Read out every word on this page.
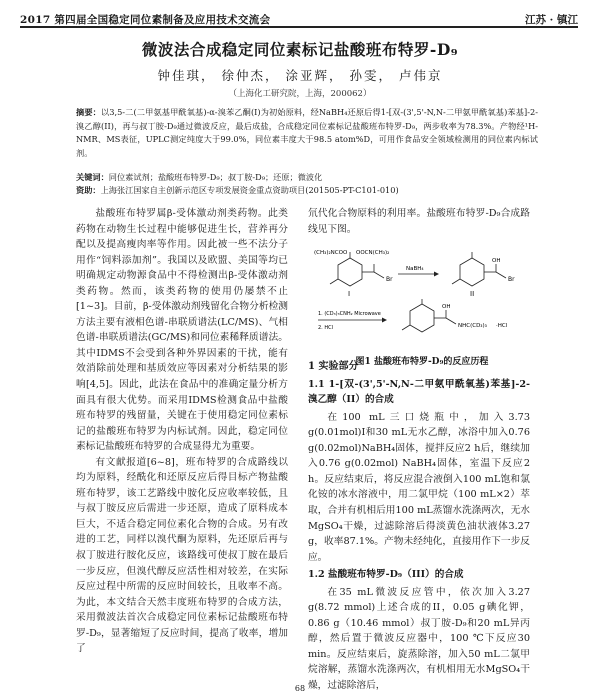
2017 第四届全国稳定同位素制备及应用技术交流会	江苏 · 镇江
微波法合成稳定同位素标记盐酸班布特罗-D₉
钟佳琪， 徐仲杰， 涂亚辉， 孙雯， 卢伟京
（上海化工研究院，上海，200062）
摘要：以3,5-二(二甲氨基甲酰氧基)-α-溴苯乙酮(I)为初始原料，经NaBH₄还原后得1-[双-(3',5'-N,N-二甲氨甲酰氧基)苯基]-2-溴乙醇(II)，再与叔丁胺-D₉通过微波反应，最后成盐，合成稳定同位素标记盐酸班布特罗-D₉，两步收率为78.3%。产物经¹H-NMR、MS表征，UPLC测定纯度大于99.0%，同位素丰度大于98.5 atom%D，可用作食品安全领域检测用的同位素内标试剂。
关键词：同位素试剂；盐酸班布特罗-D₉；叔丁胺-D₉；还原；微波化
资助：上海张江国家自主创新示范区专项发展资金重点资助项目(201505-PT-C101-010)

盐酸班布特罗属β-受体激动剂类药物。此类药物在动物生长过程中能够促进生长，营养再分配以及提高瘦肉率等作用。因此被一些不法分子用作“饲料添加剂”。我国以及欧盟、美国等均已明确规定动物源食品中不得检测出β-受体激动剂类药物。然而，该类药物的使用仍屡禁不止[1~3]。目前，β-受体激动剂残留化合物分析检测方法主要有液相色谱-串联质谱法(LC/MS)、气相色谱-串联质谱法(GC/MS)和同位素稀释质谱法。其中IDMS不会受到各种外界因素的干扰，能有效消除前处理和基质效应等因素对分析结果的影响[4,5]。因此，此法在食品中的准确定量分析方面具有很大优势。而采用IDMS检测食品中盐酸班布特罗的残留量，关键在于使用稳定同位素标记的盐酸班布特罗为内标试剂。因此，稳定同位素标记盐酸班布特罗的合成显得尤为重要。

有文献报道[6~8]，班布特罗的合成路线以均为原料，经酰化和还原反应后得目标产物盐酸班布特罗，该工艺路线中胺化反应收率较低，且与叔丁胺反应后需进一步还原，造成了原料成本巨大，不适合稳定同位素化合物的合成。另有改进的工艺，同样以溴代酮为原料，先还原后再与叔丁胺进行胺化反应，该路线可使叔丁胺在最后一步反应，但溴代醇反应活性相对较差，在实际反应过程中所需的反应时间较长，且收率不高。为此，本文结合天然丰度班布特罗的合成方法，采用微波法首次合成稳定同位素标记盐酸班布特罗-D₉，显著缩短了反应时间，提高了收率，增加了

氘代化合物原料的利用率。盐酸班布特罗-D₉合成路线见下图。

1 实验部分
1.1 1-[双-(3',5'-N,N-二甲氨甲酰氧基)苯基]-2-溴乙醇（II）的合成

在100 mL三口烧瓶中，加入3.73 g(0.01mol)I和30 mL无水乙醇，冰浴中加入0.76 g(0.02mol)NaBH₄固体，搅拌反应2 h后，继续加入0.76 g(0.02mol) NaBH₄固体，室温下反应2 h。反应结束后，将反应混合液倒入100 mL饱和氯化铵的冰水溶液中，用二氯甲烷（100 mL×2）萃取，合并有机相后用100 mL蒸馏水洗涤两次，无水MgSO₄干燥，过滤除溶后得淡黄色油状液体3.27 g，收率87.1%。产物未经纯化，直接用作下一步反应。

1.2 盐酸班布特罗-D₉（III）的合成

在35 mL微波反应管中，依次加入3.27 g(8.72 mmol)上述合成的II，0.05 g碘化钾，0.86 g（10.46 mmol）叔丁胺-D₉和20 mL异丙醇，然后置于微波反应器中，100 ℃下反应30 min。反应结束后，旋蒸除溶，加入50 mL二氯甲烷溶解，蒸馏水洗涤两次，有机相用无水MgSO₄干燥，过滤除溶后，

(CH₃)₂NCOO OOCN(CH₃)₂
Br
I
NaBH₄
OH
Br
II
1. (CD₃)₃CNH₂ Microwave
2. HCl
OH
NHC(CD₃)₃ ·HCl
图1 盐酸班布特罗-D₉的反应历程
68
